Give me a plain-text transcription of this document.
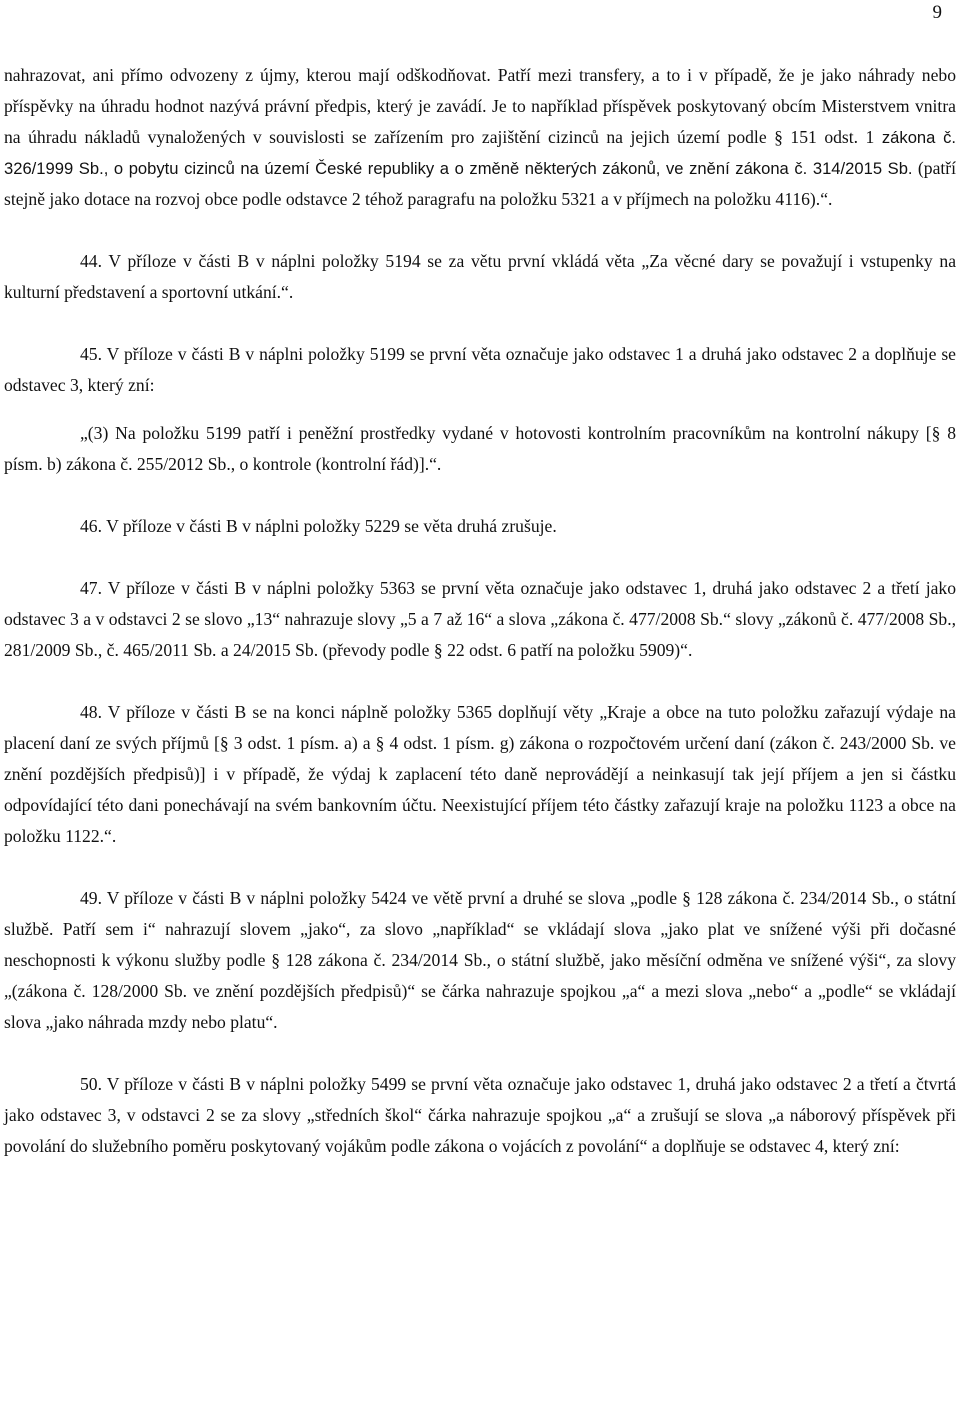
9

nahrazovat, ani přímo odvozeny z újmy, kterou mají odškodňovat. Patří mezi transfery, a to i v případě, že je jako náhrady nebo příspěvky na úhradu hodnot nazývá právní předpis, který je zavádí. Je to například příspěvek poskytovaný obcím Misterstvem vnitra na úhradu nákladů vynaložených v souvislosti se zařízením pro zajištění cizinců na jejich území podle § 151 odst. 1 zákona č. 326/1999 Sb., o pobytu cizinců na území České republiky a o změně některých zákonů, ve znění zákona č. 314/2015 Sb. (patří stejně jako dotace na rozvoj obce podle odstavce 2 téhož paragrafu na položku 5321 a v příjmech na položku 4116).“.

44. V příloze v části B v náplni položky 5194 se za větu první vkládá věta „Za věcné dary se považují i vstupenky na kulturní představení a sportovní utkání.“.

45. V příloze v části B v náplni položky 5199 se první věta označuje jako odstavec 1 a druhá jako odstavec 2 a doplňuje se odstavec 3, který zní:

„(3) Na položku 5199 patří i peněžní prostředky vydané v hotovosti kontrolním pracovníkům na kontrolní nákupy [§ 8 písm. b) zákona č. 255/2012 Sb., o kontrole (kontrolní řád)].“.

46. V příloze v části B v náplni položky 5229 se věta druhá zrušuje.

47. V příloze v části B v náplni položky 5363 se první věta označuje jako odstavec 1, druhá jako odstavec 2 a třetí jako odstavec 3 a v odstavci 2 se slovo „13“ nahrazuje slovy „5 a 7 až 16“ a slova „zákona č. 477/2008 Sb.“ slovy „zákonů č. 477/2008 Sb., 281/2009 Sb., č. 465/2011 Sb. a 24/2015 Sb. (převody podle § 22 odst. 6 patří na položku 5909)“.

48. V příloze v části B se na konci náplně položky 5365 doplňují věty „Kraje a obce na tuto položku zařazují výdaje na placení daní ze svých příjmů [§ 3 odst. 1 písm. a) a § 4 odst. 1 písm. g) zákona o rozpočtovém určení daní (zákon č. 243/2000 Sb. ve znění pozdějších předpisů)] i v případě, že výdaj k zaplacení této daně neprovádějí a neinkasují tak její příjem a jen si částku odpovídající této dani ponechávají na svém bankovním účtu. Neexistující příjem této částky zařazují kraje na položku 1123 a obce na položku 1122.“.

49. V příloze v části B v náplni položky 5424 ve větě první a druhé se slova „podle § 128 zákona č. 234/2014 Sb., o státní službě. Patří sem i“ nahrazují slovem „jako“, za slovo „například“ se vkládají slova „jako plat ve snížené výši při dočasné neschopnosti k výkonu služby podle § 128 zákona č. 234/2014 Sb., o státní službě, jako měsíční odměna ve snížené výši“, za slovy „(zákona č. 128/2000 Sb. ve znění pozdějších předpisů)“ se čárka nahrazuje spojkou „a“ a mezi slova „nebo“ a „podle“ se vkládají slova „jako náhrada mzdy nebo platu“.

50. V příloze v části B v náplni položky 5499 se první věta označuje jako odstavec 1, druhá jako odstavec 2 a třetí a čtvrtá jako odstavec 3, v odstavci 2 se za slovy „středních škol“ čárka nahrazuje spojkou „a“ a zrušují se slova „a náborový příspěvek při povolání do služebního poměru poskytovaný vojákům podle zákona o vojácích z povolání“ a doplňuje se odstavec 4, který zní:
